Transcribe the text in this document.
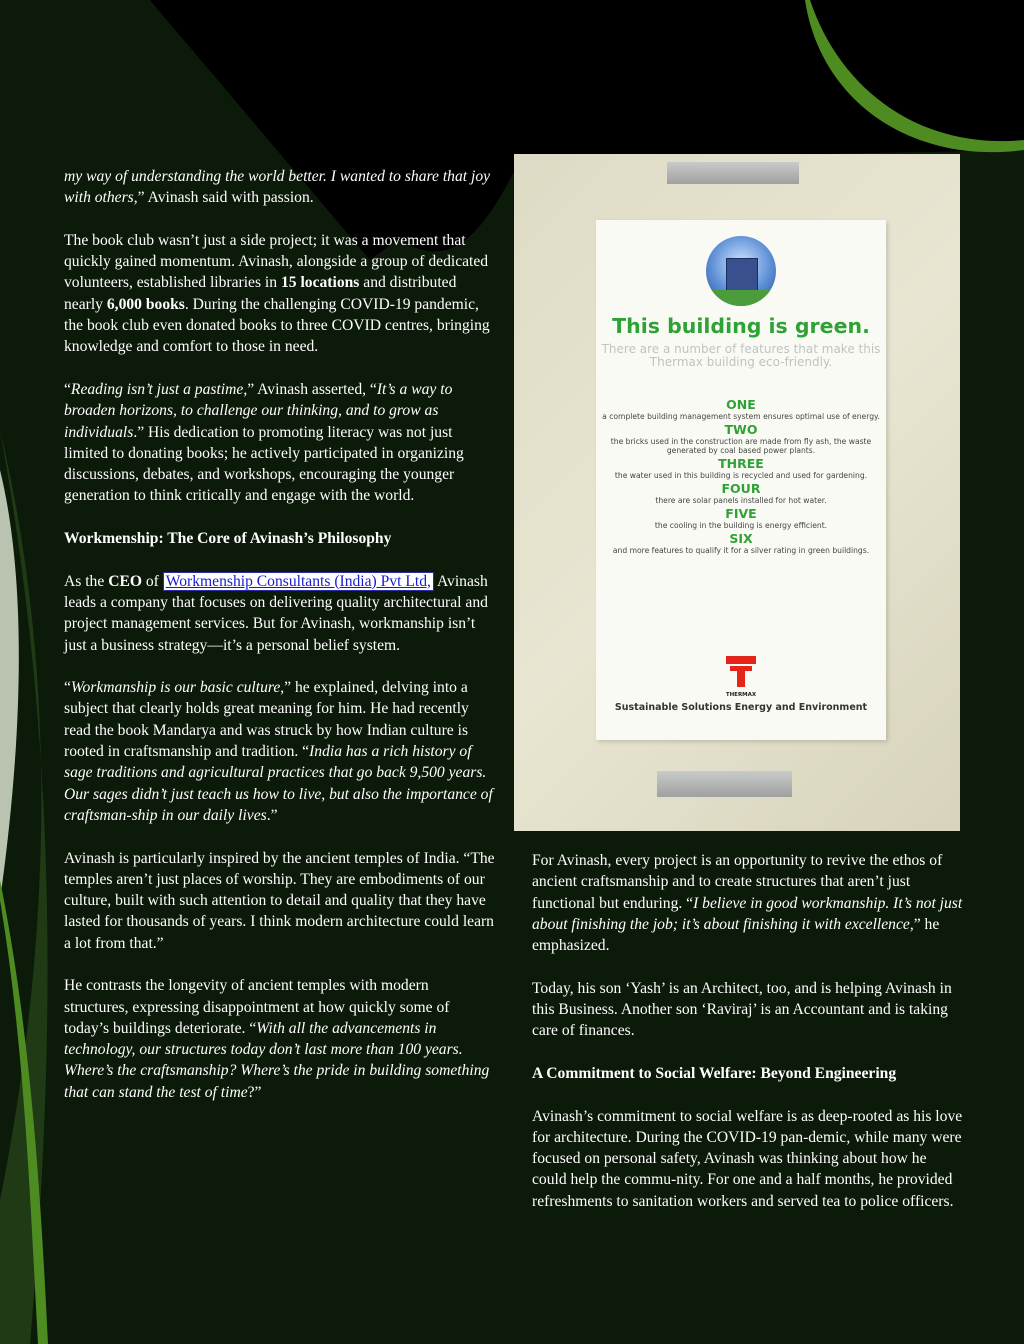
my way of understanding the world better. I wanted to share that joy with others,” Avinash said with passion.

The book club wasn’t just a side project; it was a movement that quickly gained momentum. Avinash, alongside a group of dedicated volunteers, established libraries in 15 locations and distributed nearly 6,000 books. During the challenging COVID-19 pandemic, the book club even donated books to three COVID centres, bringing knowledge and comfort to those in need.

“Reading isn’t just a pastime,” Avinash asserted, “It’s a way to broaden horizons, to challenge our thinking, and to grow as individuals.” His dedication to promoting literacy was not just limited to donating books; he actively participated in organizing discussions, debates, and workshops, encouraging the younger generation to think critically and engage with the world.

Workmenship: The Core of Avinash’s Philosophy

As the CEO of Workmenship Consultants (India) Pvt Ltd, Avinash leads a company that focuses on delivering quality architectural and project management services. But for Avinash, workmanship isn’t just a business strategy—it’s a personal belief system.

“Workmanship is our basic culture,” he explained, delving into a subject that clearly holds great meaning for him. He had recently read the book Mandarya and was struck by how Indian culture is rooted in craftsmanship and tradition. “India has a rich history of sage traditions and agricultural practices that go back 9,500 years. Our sages didn’t just teach us how to live, but also the importance of craftsman-ship in our daily lives.”

Avinash is particularly inspired by the ancient temples of India. “The temples aren’t just places of worship. They are embodiments of our culture, built with such attention to detail and quality that they have lasted for thousands of years. I think modern architecture could learn a lot from that.”

He contrasts the longevity of ancient temples with modern structures, expressing disappointment at how quickly some of today’s buildings deteriorate. “With all the advancements in technology, our structures today don’t last more than 100 years. Where’s the craftsmanship? Where’s the pride in building something that can stand the test of time?”

This building is green.
There are a number of features that make this Thermax building eco-friendly.
ONE
a complete building management system ensures optimal use of energy.
TWO
the bricks used in the construction are made from fly ash, the waste generated by coal based power plants.
THREE
the water used in this building is recycled and used for gardening.
FOUR
there are solar panels installed for hot water.
FIVE
the cooling in the building is energy efficient.
SIX
and more features to qualify it for a silver rating in green buildings.
THERMAX
Sustainable Solutions Energy and Environment

For Avinash, every project is an opportunity to revive the ethos of ancient craftsmanship and to create structures that aren’t just functional but enduring. “I believe in good workmanship. It’s not just about finishing the job; it’s about finishing it with excellence,” he emphasized.

Today, his son ‘Yash’ is an Architect, too, and is helping Avinash in this Business. Another son ‘Raviraj’ is an Accountant and is taking care of finances.

A Commitment to Social Welfare: Beyond Engineering

Avinash’s commitment to social welfare is as deep-rooted as his love for architecture. During the COVID-19 pan-demic, while many were focused on personal safety, Avinash was thinking about how he could help the commu-nity. For one and a half months, he provided refreshments to sanitation workers and served tea to police officers.
